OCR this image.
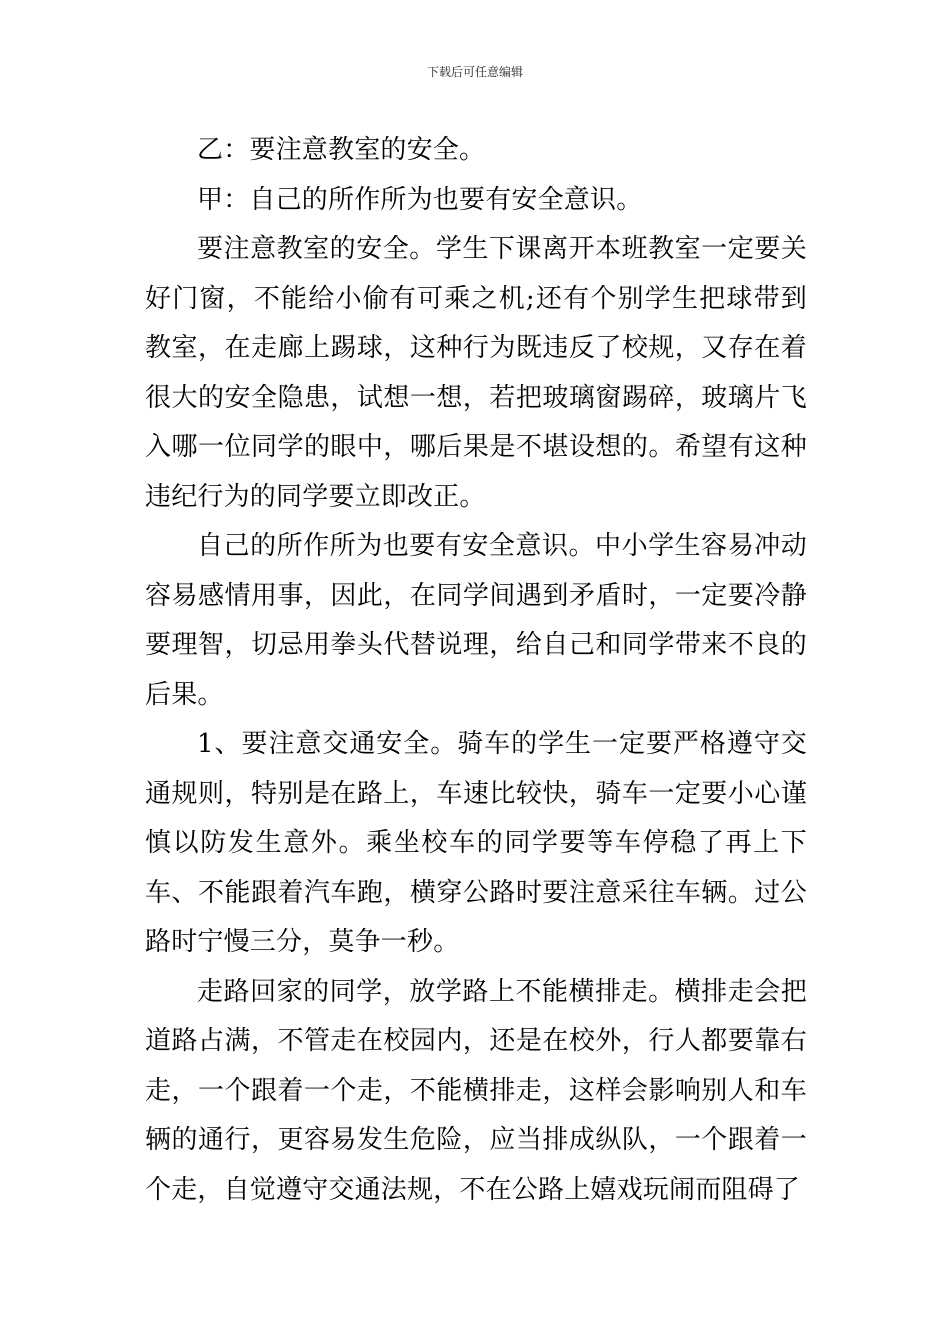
下载后可任意编辑

乙：要注意教室的安全。

甲：自己的所作所为也要有安全意识。

要注意教室的安全。学生下课离开本班教室一定要关好门窗，不能给小偷有可乘之机;还有个别学生把球带到教室，在走廊上踢球，这种行为既违反了校规，又存在着很大的安全隐患，试想一想，若把玻璃窗踢碎，玻璃片飞入哪一位同学的眼中，哪后果是不堪设想的。希望有这种违纪行为的同学要立即改正。

自己的所作所为也要有安全意识。中小学生容易冲动容易感情用事，因此，在同学间遇到矛盾时，一定要冷静要理智，切忌用拳头代替说理，给自己和同学带来不良的后果。

1、要注意交通安全。骑车的学生一定要严格遵守交通规则，特别是在路上，车速比较快，骑车一定要小心谨慎以防发生意外。乘坐校车的同学要等车停稳了再上下车、不能跟着汽车跑，横穿公路时要注意采往车辆。过公路时宁慢三分，莫争一秒。

走路回家的同学，放学路上不能横排走。横排走会把道路占满，不管走在校园内，还是在校外，行人都要靠右走，一个跟着一个走，不能横排走，这样会影响别人和车辆的通行，更容易发生危险，应当排成纵队，一个跟着一个走，自觉遵守交通法规，不在公路上嬉戏玩闹而阻碍了
